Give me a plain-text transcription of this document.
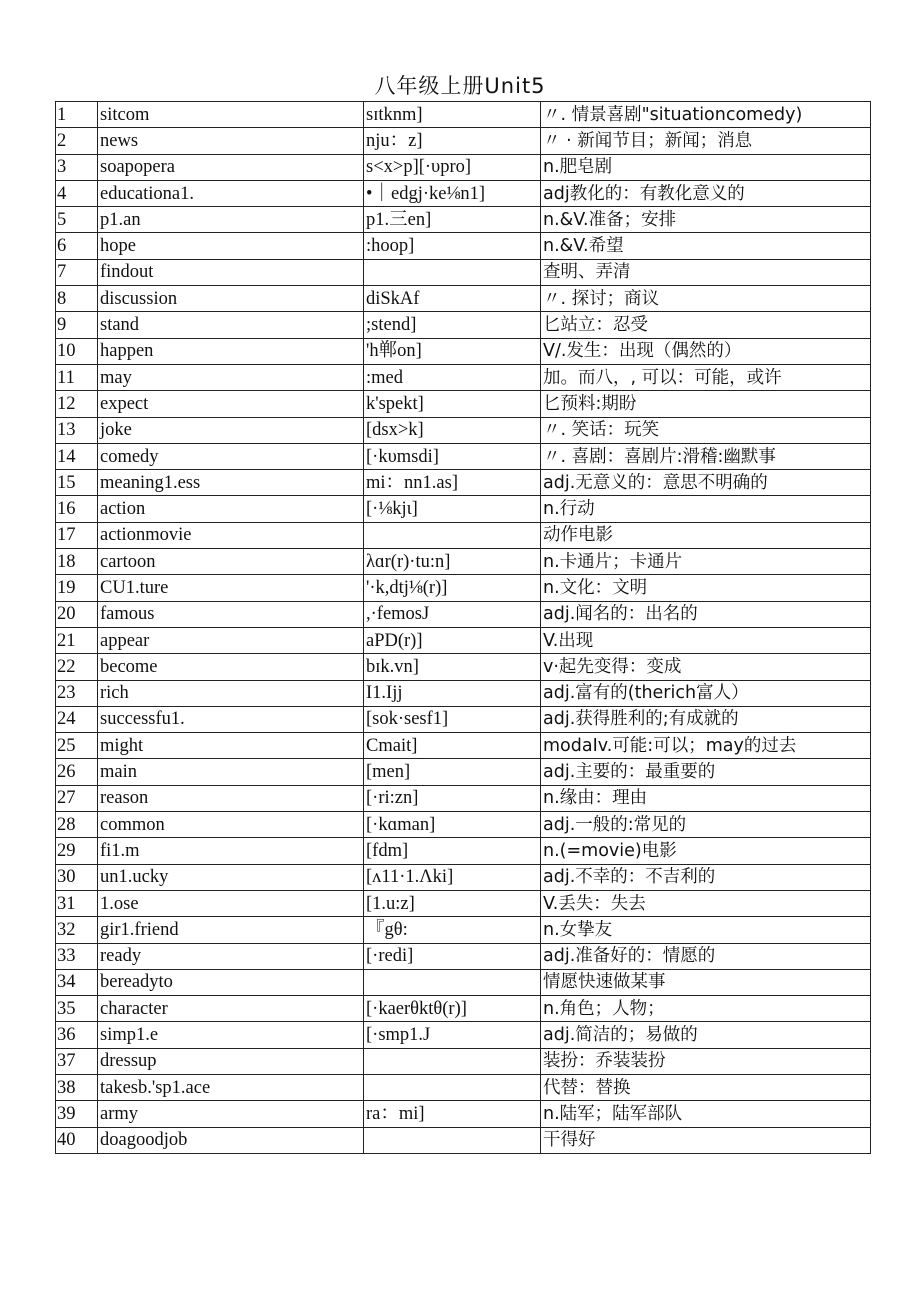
八年级上册Unit5
1	sitcom	sɪtknm]	〃. 情景喜剧"situationcomedy)
2	news	nju：z]	〃 · 新闻节目；新闻；消息
3	soapopera	s<x>p][·υpro]	n.肥皂剧
4	educationa1.	•｜edgj·ke⅛n1]	adj教化的：有教化意义的
5	p1.an	p1.三en]	n.&V.准备；安排
6	hope	:hoop]	n.&V.希望
7	findout		查明、弄清
8	discussion	diSkAf	〃. 探讨；商议
9	stand	;stend]	匕站立：忍受
10	happen	'h郸on]	V/.发生：出现（偶然的）
11	may	:med	加。而八，, 可以：可能，或许
12	expect	k'spekt]	匕预料:期盼
13	joke	[dsx>k]	〃. 笑话：玩笑
14	comedy	[·kυmsdi]	〃. 喜剧：喜剧片:滑稽:幽默事
15	meaning1.ess	mi：nn1.as]	adj.无意义的：意思不明确的
16	action	[·⅛kjι]	n.行动
17	actionmovie		动作电影
18	cartoon	λɑr(r)·tu:n]	n.卡通片；卡通片
19	CU1.ture	'·k,dtj⅛(r)]	n.文化：文明
20	famous	,·femosJ	adj.闻名的：出名的
21	appear	aPD(r)]	V.出现
22	become	bɪk.vn]	v·起先变得：变成
23	rich	I1.Ijj	adj.富有的(therich富人）
24	successfu1.	[sok·sesf1]	adj.获得胜利的;有成就的
25	might	Cmait]	modaIv.可能:可以；may的过去
26	main	[men]	adj.主要的：最重要的
27	reason	[·ri:zn]	n.缘由：理由
28	common	[·kɑman]	adj.一般的:常见的
29	fi1.m	[fdm]	n.(=movie)电影
30	un1.ucky	[ʌ11·1.Λki]	adj.不幸的：不吉利的
31	1.ose	[1.u:z]	V.丢失：失去
32	gir1.friend	『gθ:	n.女挚友
33	ready	[·redi]	adj.准备好的：情愿的
34	bereadyto		情愿快速做某事
35	character	[·kaerθktθ(r)]	n.角色；人物；
36	simp1.e	[·smp1.J	adj.简洁的；易做的
37	dressup		装扮：乔装装扮
38	takesb.'sp1.ace		代替：替换
39	army	ra：mi]	n.陆军；陆军部队
40	doagoodjob		干得好
